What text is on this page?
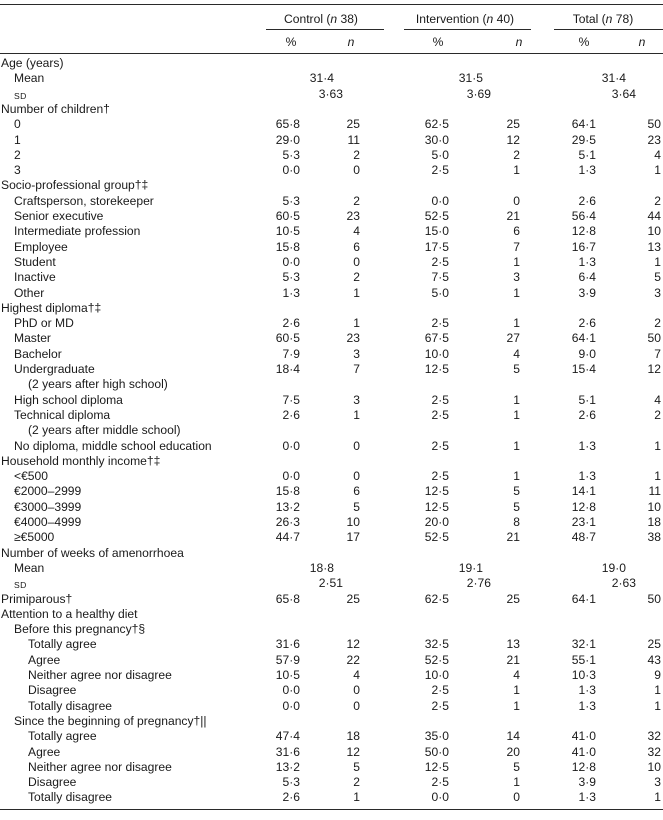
Control (n 38)	Intervention (n 40)	Total (n 78)
%	n	%	n	%	n
Age (years)
Mean	31·4	31·5	31·4
SD	3·63	3·69	3·64
Number of children†
0	65·8	25	62·5	25	64·1	50
1	29·0	11	30·0	12	29·5	23
2	5·3	2	5·0	2	5·1	4
3	0·0	0	2·5	1	1·3	1
Socio-professional group†‡
Craftsperson, storekeeper	5·3	2	0·0	0	2·6	2
Senior executive	60·5	23	52·5	21	56·4	44
Intermediate profession	10·5	4	15·0	6	12·8	10
Employee	15·8	6	17·5	7	16·7	13
Student	0·0	0	2·5	1	1·3	1
Inactive	5·3	2	7·5	3	6·4	5
Other	1·3	1	5·0	1	3·9	3
Highest diploma†‡
PhD or MD	2·6	1	2·5	1	2·6	2
Master	60·5	23	67·5	27	64·1	50
Bachelor	7·9	3	10·0	4	9·0	7
Undergraduate	18·4	7	12·5	5	15·4	12
(2 years after high school)
High school diploma	7·5	3	2·5	1	5·1	4
Technical diploma	2·6	1	2·5	1	2·6	2
(2 years after middle school)
No diploma, middle school education	0·0	0	2·5	1	1·3	1
Household monthly income†‡
<€500	0·0	0	2·5	1	1·3	1
€2000–2999	15·8	6	12·5	5	14·1	11
€3000–3999	13·2	5	12·5	5	12·8	10
€4000–4999	26·3	10	20·0	8	23·1	18
≥€5000	44·7	17	52·5	21	48·7	38
Number of weeks of amenorrhoea
Mean	18·8	19·1	19·0
SD	2·51	2·76	2·63
Primiparous†	65·8	25	62·5	25	64·1	50
Attention to a healthy diet
Before this pregnancy†§
Totally agree	31·6	12	32·5	13	32·1	25
Agree	57·9	22	52·5	21	55·1	43
Neither agree nor disagree	10·5	4	10·0	4	10·3	9
Disagree	0·0	0	2·5	1	1·3	1
Totally disagree	0·0	0	2·5	1	1·3	1
Since the beginning of pregnancy†||
Totally agree	47·4	18	35·0	14	41·0	32
Agree	31·6	12	50·0	20	41·0	32
Neither agree nor disagree	13·2	5	12·5	5	12·8	10
Disagree	5·3	2	2·5	1	3·9	3
Totally disagree	2·6	1	0·0	0	1·3	1
